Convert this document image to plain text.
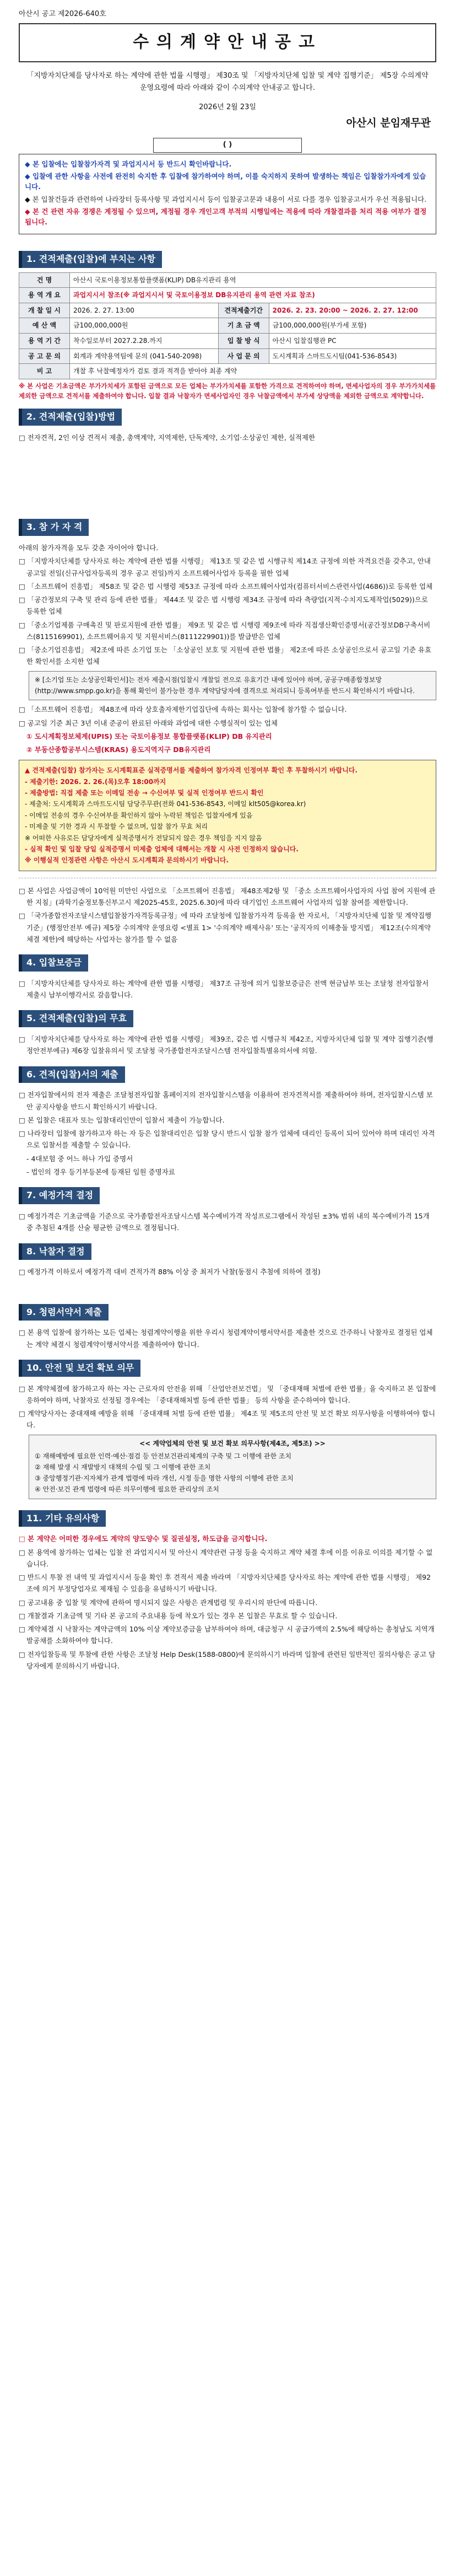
아산시 공고 제2026-640호
수의계약안내공고

「지방자치단체를 당사자로 하는 계약에 관한 법률 시행령」 제30조 및 「지방자치단체 입찰 및 계약 집행기준」 제5장 수의계약 운영요령에 따라 아래와 같이 수의계약 안내공고 합니다.

2026년 2월 23일

아산시 분임재무관

( )

◆ 본 입찰에는 입찰참가자격 및 과업지시서 등 반드시 확인바랍니다.

◆ 입찰에 관한 사항을 사전에 완전히 숙지한 후 입찰에 참가하여야 하며, 이를 숙지하지 못하여 발생하는 책임은 입찰참가자에게 있습니다.

◆ 본 입찰건들과 관련하여 나라장터 등록사항 및 과업지시서 등이 입찰공고문과 내용이 서로 다를 경우 입찰공고서가 우선 적용됩니다.

◆ 본 건 관련 자유 경쟁은 계정될 수 있으며, 계정될 경우 개인고객 부적의 시행일에는 적용에 따라 개찰결과를 처리 적용 여부가 결정됩니다.

1. 견적제출(입찰)에 부치는 사항
건 명	아산시 국토이용정보통합플랫폼(KLIP) DB유지관리 용역		
용 역 개 요	과업지시서 참조(※ 과업지시서 및 국토이용정보 DB유지관리 용역 관련 자료 참조)		
개 찰 일 시	2026. 2. 27. 13:00	견적제출기간	2026. 2. 23. 20:00 ~ 2026. 2. 27. 12:00
예 산 액	금100,000,000원	기 초 금 액	금100,000,000원(부가세 포함)
용 역 기 간	착수일로부터 2027.2.28.까지	입 찰 방 식	아산시 입찰집행관 PC
공 고 문 의	회계과 계약용역팀에 문의 (041-540-2098)	사 업 문 의	도시계획과 스마트도시팀(041-536-8543)
비 고	개찰 후 낙찰예정자가 검토 결과 적격을 받아야 최종 계약		

※ 본 사업은 기초금액은 부가가치세가 포함된 금액으로 모든 업체는 부가가치세를 포함한 가격으로 견적하여야 하며, 면세사업자의 경우 부가가치세를 제외한 금액으로 견적서를 제출하여야 합니다. 입찰 결과 낙찰자가 면세사업자인 경우 낙찰금액에서 부가세 상당액을 제외한 금액으로 계약합니다.

2. 견적제출(입찰)방법

□ 전자견적, 2인 이상 견적서 제출, 총액계약, 지역제한, 단독계약, 소기업·소상공인 제한, 실적제한

3. 참 가 자 격

아래의 참가자격을 모두 갖춘 자이어야 합니다.

□ 「지방자치단체를 당사자로 하는 계약에 관한 법률 시행령」 제13조 및 같은 법 시행규칙 제14조 규정에 의한 자격요건을 갖추고, 안내공고일 전일(신규사업자등록의 경우 공고 전일)까지 소프트웨어사업자 등록을 필한 업체

□ 「소프트웨어 진흥법」 제58조 및 같은 법 시행령 제53조 규정에 따라 소프트웨어사업자(컴퓨터서비스관련사업(4686))로 등록한 업체

□ 「공간정보의 구축 및 관리 등에 관한 법률」 제44조 및 같은 법 시행령 제34조 규정에 따라 측량업(지적·수치지도제작업(5029))으로 등록한 업체

□ 「중소기업제품 구매촉진 및 판로지원에 관한 법률」 제9조 및 같은 법 시행령 제9조에 따라 직접생산확인증명서(공간정보DB구축서비스(8115169901), 소프트웨어유지 및 지원서비스(8111229901))를 발급받은 업체

□ 「중소기업진흥법」 제2조에 따른 소기업 또는 「소상공인 보호 및 지원에 관한 법률」 제2조에 따른 소상공인으로서 공고일 기준 유효한 확인서를 소지한 업체

※ [소기업 또는 소상공인확인서]는 전자 제출시점(입찰시 개찰일 전으로 유효기간 내에 있어야 하며, 공공구매종합정보망(http://www.smpp.go.kr)을 통해 확인이 불가능한 경우 계약담당자에 결격으로 처리되니 등록여부를 반드시 확인하시기 바랍니다.

□ 「소프트웨어 진흥법」 제48조에 따라 상호출자제한기업집단에 속하는 회사는 입찰에 참가할 수 없습니다.

□ 공고일 기준 최근 3년 이내 준공이 완료된 아래와 과업에 대한 수행실적이 있는 업체

① 도시계획정보체계(UPIS) 또는 국토이용정보 통합플랫폼(KLIP) DB 유지관리

② 부동산종합공부시스템(KRAS) 용도지역지구 DB유지관리

▲ 견적제출(입찰) 참가자는 도시계획표준 실적증명서를 제출하여 참가자격 인정여부 확인 후 투찰하시기 바랍니다.

- 제출기한: 2026. 2. 26.(목)오후 18:00까지

- 제출방법: 직접 제출 또는 이메일 전송 → 수신여부 및 실적 인정여부 반드시 확인

- 제출처: 도시계획과 스마트도시팀 담당주무관(전화 041-536-8543, 이메일 klt505@korea.kr)

- 이메일 전송의 경우 수신여부를 확인하지 않아 누락된 책임은 입찰자에게 있음

- 미제출 및 기한 경과 시 투찰할 수 없으며, 입찰 참가 무효 처리

※ 어떠한 사유로든 담당자에게 실적증명서가 전달되지 않은 경우 책임을 지지 않음

- 실적 확인 및 입찰 당일 실적증명서 미제출 업체에 대해서는 개찰 시 사전 인정하지 않습니다.

※ 이행실적 인정관련 사항은 아산시 도시계획과 문의하시기 바랍니다.

□ 본 사업은 사업금액이 10억원 미만인 사업으로 「소프트웨어 진흥법」 제48조제2항 및 「중소 소프트웨어사업자의 사업 참여 지원에 관한 지침」(과학기술정보통신부고시 제2025-45호, 2025.6.30)에 따라 대기업인 소프트웨어 사업자의 입찰 참여를 제한합니다.

□ 「국가종합전자조달시스템입찰참가자격등록규정」에 따라 조달청에 입찰참가자격 등록을 한 자로서, 「지방자치단체 입찰 및 계약집행기준」(행정안전부 예규) 제5장 수의계약 운영요령 <별표 1> '수의계약 배제사유' 또는 '공직자의 이해충돌 방지법」 제12조(수의계약 체결 제한)에 해당하는 사업자는 참가를 할 수 없음

4. 입찰보증금

□ 「지방자치단체를 당사자로 하는 계약에 관한 법률 시행령」 제37조 규정에 의거 입찰보증금은 전액 현금납부 또는 조달청 전자입찰서 제출시 납부이행각서로 갈음합니다.

5. 견적제출(입찰)의 무효

□ 「지방자치단체를 당사자로 하는 계약에 관한 법률 시행령」 제39조, 같은 법 시행규칙 제42조, 지방자치단체 입찰 및 계약 집행기준(행정안전부예규) 제6장 입찰유의서 및 조달청 국가종합전자조달시스템 전자입찰특별유의서에 의함.

6. 견적(입찰)서의 제출

□ 전자입찰에서의 전자 제출은 조달청전자입찰 홈페이지의 전자입찰시스템을 이용하여 전자견적서를 제출하여야 하며, 전자입찰시스템 보안 공지사항을 반드시 확인하시기 바랍니다.

□ 본 입찰은 대표자 또는 입찰대리인만이 입찰서 제출이 가능합니다.

□ 나라장터 입찰에 참가하고자 하는 자 등은 입찰대리인은 입찰 당시 반드시 입찰 참가 업체에 대리인 등록이 되어 있어야 하며 대리인 자격으로 입찰서를 제출할 수 있습니다.

- 4대보험 중 어느 하나 가입 증명서

- 법인의 경우 등기부등본에 등재된 임원 증명자료

7. 예정가격 결정

□ 예정가격은 기초금액을 기준으로 국가종합전자조달시스템 복수예비가격 작성프로그램에서 작성된 ±3% 범위 내의 복수예비가격 15개 중 추첨된 4개를 산술 평균한 금액으로 결정됩니다.

8. 낙찰자 결정

□ 예정가격 이하로서 예정가격 대비 견적가격 88% 이상 중 최저가 낙찰(동점시 추첨에 의하여 결정)

9. 청렴서약서 제출

□ 본 용역 입찰에 참가하는 모든 업체는 청렴계약이행을 위한 우리시 청렴계약이행서약서를 제출한 것으로 간주하니 낙찰자로 결정된 업체는 계약 체결시 청렴계약이행서약서를 제출하여야 합니다.

10. 안전 및 보건 확보 의무

□ 본 계약체결에 참가하고자 하는 자는 근로자의 안전을 위해 「산업안전보건법」 및 「중대재해 처벌에 관한 법률」을 숙지하고 본 입찰에 응하여야 하며, 낙찰자로 선정될 경우에는 「중대재해처벌 등에 관한 법률」 등의 사항을 준수하여야 합니다.

□ 계약당사자는 중대재해 예방을 위해 「중대재해 처벌 등에 관한 법률」 제4조 및 제5조의 안전 및 보건 확보 의무사항을 이행하여야 합니다.

<< 계약업체의 안전 및 보건 확보 의무사항(제4조, 제5조) >>

① 재해예방에 필요한 인력·예산·점검 등 안전보건관리체계의 구축 및 그 이행에 관한 조치

② 재해 발생 시 재발방지 대책의 수립 및 그 이행에 관한 조치

③ 중앙행정기관·지자체가 관계 법령에 따라 개선, 시정 등을 명한 사항의 이행에 관한 조치

④ 안전·보건 관계 법령에 따른 의무이행에 필요한 관리상의 조치

11. 기타 유의사항

□ 본 계약은 어떠한 경우에도 계약의 양도양수 및 질권설정, 하도급을 금지합니다.

□ 본 용역에 참가하는 업체는 입찰 전 과업지시서 및 아산시 계약관련 규정 등을 숙지하고 계약 체결 후에 이를 이유로 이의를 제기할 수 없습니다.

□ 반드시 투찰 전 내역 및 과업지시서 등을 확인 후 견적서 제출 바라며 「지방자치단체를 당사자로 하는 계약에 관한 법률 시행령」 제92조에 의거 부정당업자로 제재될 수 있음을 유념하시기 바랍니다.

□ 공고내용 중 입찰 및 계약에 관하여 명시되지 않은 사항은 관계법령 및 우리시의 판단에 따릅니다.

□ 개찰결과 기초금액 및 기타 본 공고의 주요내용 등에 착오가 있는 경우 본 입찰은 무효로 할 수 있습니다.

□ 계약체결 시 낙찰자는 계약금액의 10% 이상 계약보증금을 납부하여야 하며, 대금청구 시 공급가액의 2.5%에 해당하는 총청남도 지역개발공채를 소화하여야 합니다.

□ 전자입찰등록 및 투찰에 관한 사항은 조달청 Help Desk(1588-0800)에 문의하시기 바라며 입찰에 관련된 일반적인 질의사항은 공고 담당자에게 문의하시기 바랍니다.
